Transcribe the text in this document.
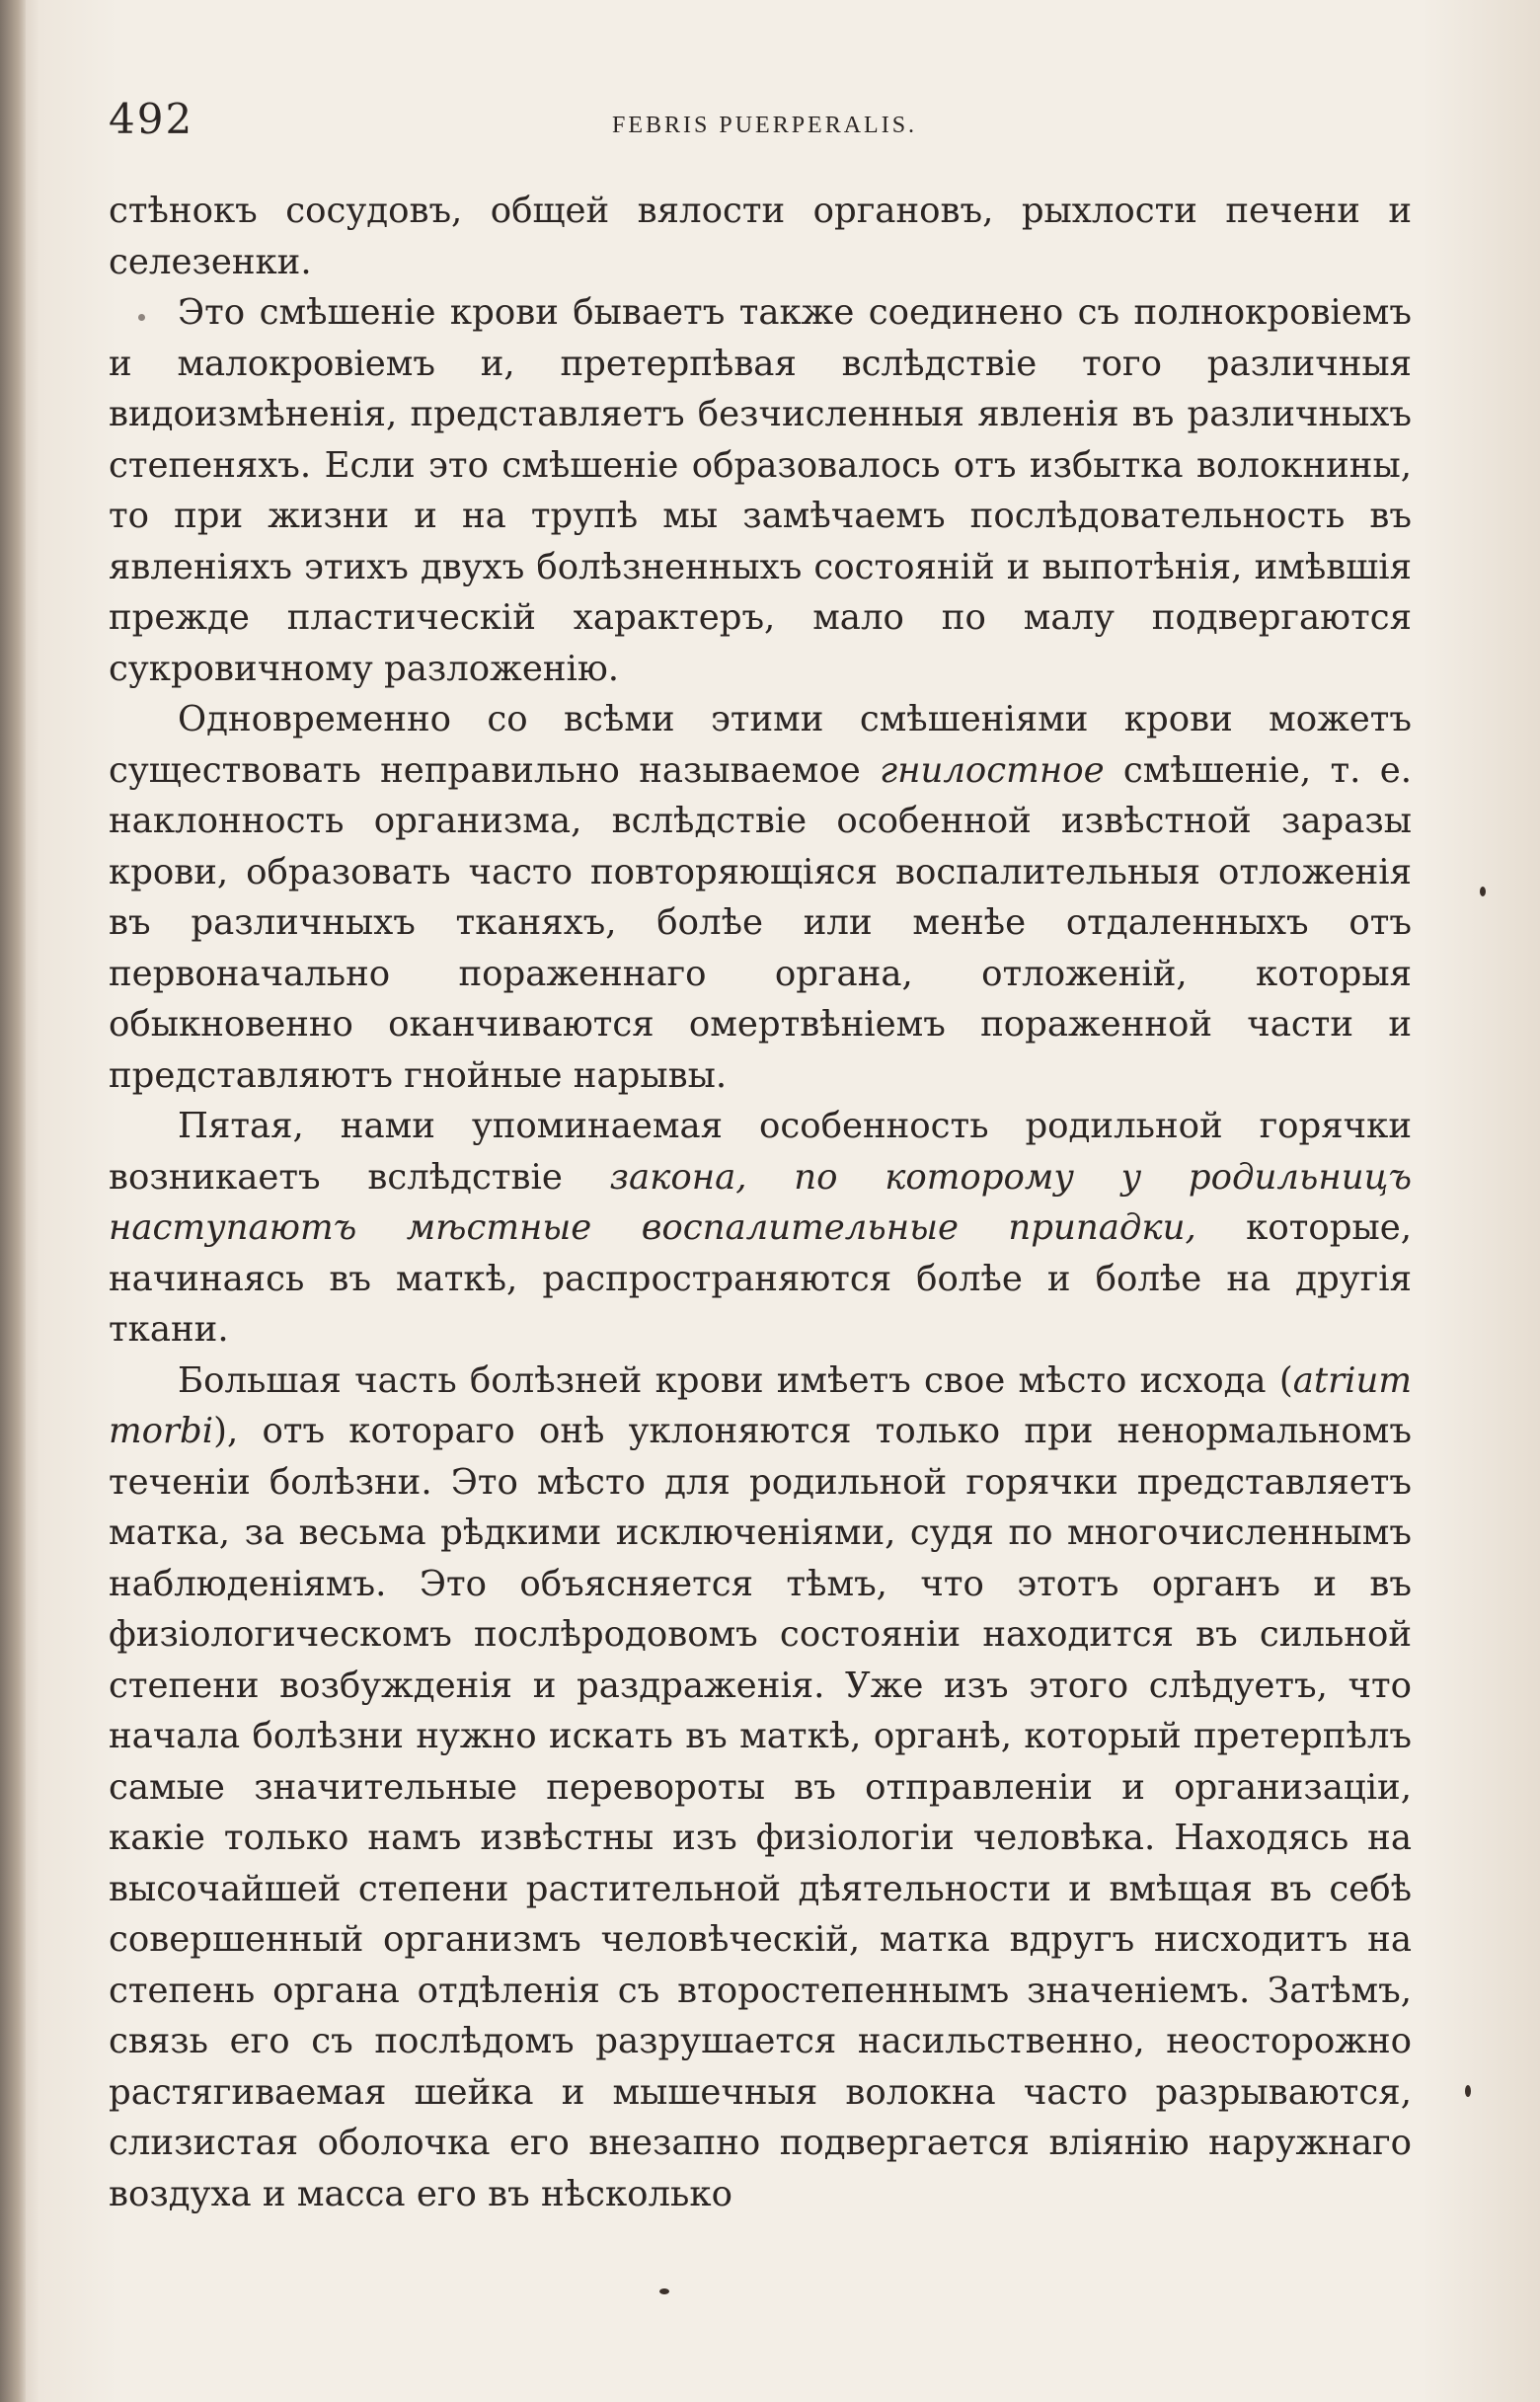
492	FEBRIS PUERPERALIS.

стѣнокъ сосудовъ, общей вялости органовъ, рыхлости печени и селезенки.

Это смѣшеніе крови бываетъ также соединено съ полнокровіемъ и малокровіемъ и, претерпѣвая вслѣдствіе того различныя видоизмѣненія, представляетъ безчисленныя явленія въ различныхъ степеняхъ. Если это смѣшеніе образовалось отъ избытка волокнины, то при жизни и на трупѣ мы замѣчаемъ послѣдовательность въ явленіяхъ этихъ двухъ болѣзненныхъ состояній и выпотѣнія, имѣвшія прежде пластическій характеръ, мало по малу подвергаются сукровичному разложенію.

Одновременно со всѣми этими смѣшеніями крови можетъ существовать неправильно называемое гнилостное смѣшеніе, т. е. наклонность организма, вслѣдствіе особенной извѣстной заразы крови, образовать часто повторяющіяся воспалительныя отложенія въ различныхъ тканяхъ, болѣе или менѣе отдаленныхъ отъ первоначально пораженнаго органа, отложеній, которыя обыкновенно оканчиваются омертвѣніемъ пораженной части и представляютъ гнойные нарывы.

Пятая, нами упоминаемая особенность родильной горячки возникаетъ вслѣдствіе закона, по которому у родильницъ наступаютъ мѣстные воспалительные припадки, которые, начинаясь въ маткѣ, распространяются болѣе и болѣе на другія ткани.

Большая часть болѣзней крови имѣетъ свое мѣсто исхода (atrium morbi), отъ котораго онѣ уклоняются только при ненормальномъ теченіи болѣзни. Это мѣсто для родильной горячки представляетъ матка, за весьма рѣдкими исключеніями, судя по многочисленнымъ наблюденіямъ. Это объясняется тѣмъ, что этотъ органъ и въ физіологическомъ послѣродовомъ состояніи находится въ сильной степени возбужденія и раздраженія. Уже изъ этого слѣдуетъ, что начала болѣзни нужно искать въ маткѣ, органѣ, который претерпѣлъ самые значительные перевороты въ отправленіи и организаціи, какіе только намъ извѣстны изъ физіологіи человѣка. Находясь на высочайшей степени растительной дѣятельности и вмѣщая въ себѣ совершенный организмъ человѣческій, матка вдругъ нисходитъ на степень органа отдѣленія съ второстепеннымъ значеніемъ. Затѣмъ, связь его съ послѣдомъ разрушается насильственно, неосторожно растягиваемая шейка и мышечныя волокна часто разрываются, слизистая оболочка его внезапно подвергается вліянію наружнаго воздуха и масса его въ нѣсколько
